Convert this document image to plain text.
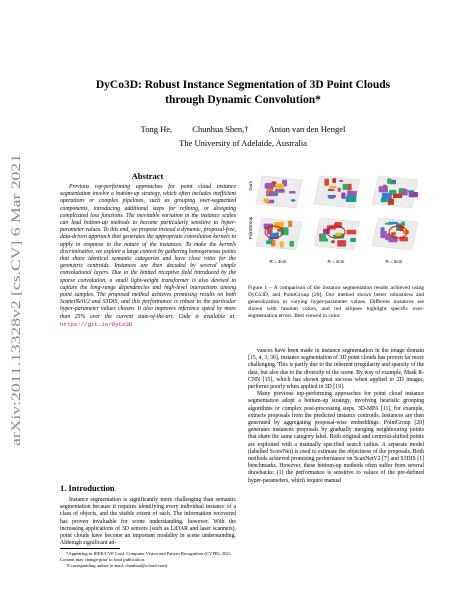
arXiv:2011.13328v2 [cs.CV] 6 Mar 2021
DyCo3D: Robust Instance Segmentation of 3D Point Clouds
through Dynamic Convolution*
Tong He, Chunhua Shen,† Anton van den Hengel
The University of Adelaide, Australia
Abstract

Previous top-performing approaches for point cloud instance segmentation involve a bottom-up strategy, which often includes inefficient operations or complex pipelines, such as grouping over-segmented components, introducing additional steps for refining, or designing complicated loss functions. The inevitable variation in the instance scales can lead bottom-up methods to become particularly sensitive to hyper-parameter values. To this end, we propose instead a dynamic, proposal-free, data-driven approach that generates the appropriate convolution kernels to apply in response to the nature of the instances. To make the kernels discriminative, we explore a large context by gathering homogeneous points that share identical semantic categories and have close votes for the geometric centroids. Instances are then decoded by several simple convolutional layers. Due to the limited receptive field introduced by the sparse convolution, a small light-weight transformer is also devised to capture the long-range dependencies and high-level interactions among point samples. The proposed method achieves promising results on both ScanetNetV2 and S3DIS, and this performance is robust to the particular hyper-parameter values chosen. It also improves inference speed by more than 25% over the current state-of-the-art. Code is available at: https://git.io/DyCo3D

1. Introduction

Instance segmentation is significantly more challenging than semantic segmentation because it requires identifying every individual instance of a class of objects, and the visible extent of each. The information recovered has proven invaluable for scene understanding, however. With the increasing applications of 3D sensors (such as LiDAR and laser scanners), point clouds have become an important modality in scene understanding. Although significant ad-

*Appearing in IEEE/CVF Conf. Computer Vision and Pattern Recognition (CVPR), 2021. Content may change prior to final publication.

†Corresponding author (e-mail: chunhua@icloud.com).

Ours
PointGroup
R = 3cm	R = 4cm	R = 5cm
Figure 1 – A comparison of the instance segmentation results achieved using DyCo3D, and PointGroup [20]. Our method shows better robustness and generalization to varying hyper-parameter values. Different instances are shown with random colors, and red ellipses highlight specific over-segmentation errors. Best viewed in color.

vances have been made in instance segmentation in the image domain [15, 4, 3, 36], instance segmentation of 3D point clouds has proven far more challenging. This is partly due to the inherent irregularity and sparsity of the data, but also due to the diversity of the scene. By way of example, Mask R-CNN [15], which has shown great success when applied to 2D images, performs poorly when applied in 3D [19].

Many previous top-performing approaches for point cloud instance segmentation adopt a bottom-up strategy, involving heuristic grouping algorithms or complex post-processing steps. 3D-MPA [11], for example, extracts proposals from the predicted instance centroids. Instances are then generated by aggregating proposal-wise embeddings. PointGroup [20] generates instances proposals by gradually merging neighbouring points that share the same category label. Both original and centroid-shifted points are exploited with a manually specified search radius. A separate model (labelled ScoreNet) is used to estimate the objectness of the proposals. Both methods achieved promising performance on ScanNetV2 [7] and S3DIS [1] benchmarks. However, these bottom-up methods often suffer from several drawbacks: (1) the performance is sensitive to values of the pre-defined hyper-parameters, which require manual
